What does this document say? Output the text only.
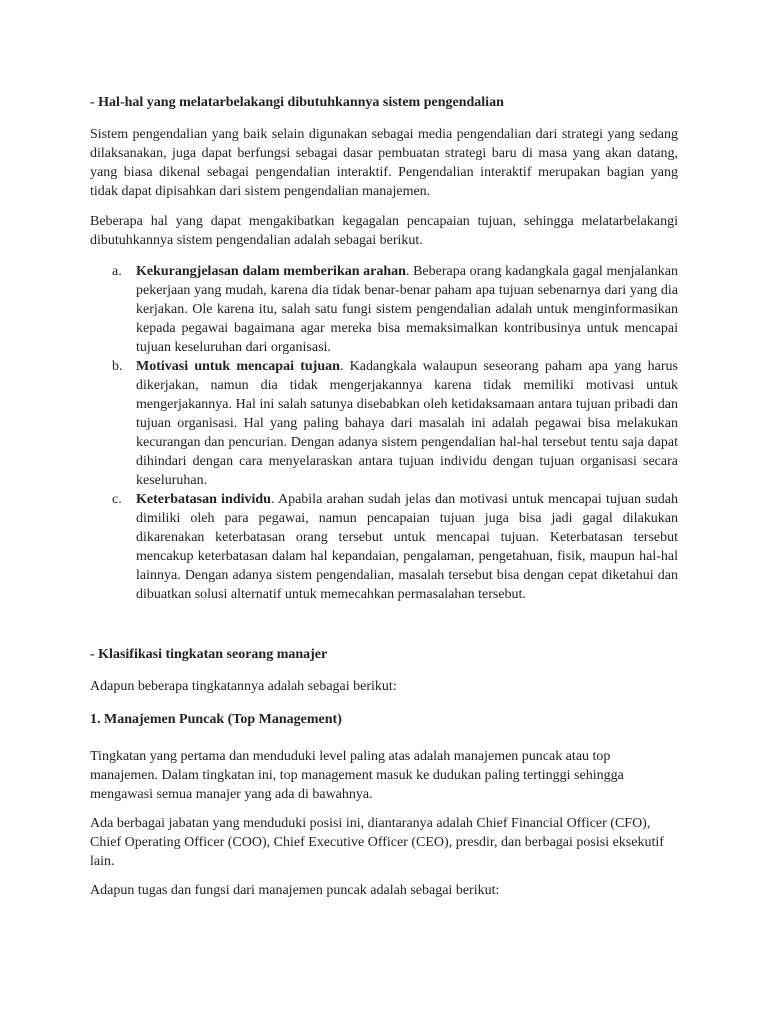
- Hal-hal yang melatarbelakangi dibutuhkannya sistem pengendalian

Sistem pengendalian yang baik selain digunakan sebagai media pengendalian dari strategi yang sedang dilaksanakan, juga dapat berfungsi sebagai dasar pembuatan strategi baru di masa yang akan datang, yang biasa dikenal sebagai pengendalian interaktif. Pengendalian interaktif merupakan bagian yang tidak dapat dipisahkan dari sistem pengendalian manajemen.

Beberapa hal yang dapat mengakibatkan kegagalan pencapaian tujuan, sehingga melatarbelakangi dibutuhkannya sistem pengendalian adalah sebagai berikut.

a. Kekurangjelasan dalam memberikan arahan. Beberapa orang kadangkala gagal menjalankan pekerjaan yang mudah, karena dia tidak benar-benar paham apa tujuan sebenarnya dari yang dia kerjakan. Ole karena itu, salah satu fungi sistem pengendalian adalah untuk menginformasikan kepada pegawai bagaimana agar mereka bisa memaksimalkan kontribusinya untuk mencapai tujuan keseluruhan dari organisasi.
b. Motivasi untuk mencapai tujuan. Kadangkala walaupun seseorang paham apa yang harus dikerjakan, namun dia tidak mengerjakannya karena tidak memiliki motivasi untuk mengerjakannya. Hal ini salah satunya disebabkan oleh ketidaksamaan antara tujuan pribadi dan tujuan organisasi. Hal yang paling bahaya dari masalah ini adalah pegawai bisa melakukan kecurangan dan pencurian. Dengan adanya sistem pengendalian hal-hal tersebut tentu saja dapat dihindari dengan cara menyelaraskan antara tujuan individu dengan tujuan organisasi secara keseluruhan.
c. Keterbatasan individu. Apabila arahan sudah jelas dan motivasi untuk mencapai tujuan sudah dimiliki oleh para pegawai, namun pencapaian tujuan juga bisa jadi gagal dilakukan dikarenakan keterbatasan orang tersebut untuk mencapai tujuan. Keterbatasan tersebut mencakup keterbatasan dalam hal kepandaian, pengalaman, pengetahuan, fisik, maupun hal-hal lainnya. Dengan adanya sistem pengendalian, masalah tersebut bisa dengan cepat diketahui dan dibuatkan solusi alternatif untuk memecahkan permasalahan tersebut.

- Klasifikasi tingkatan seorang manajer

Adapun beberapa tingkatannya adalah sebagai berikut:

1. Manajemen Puncak (Top Management)

Tingkatan yang pertama dan menduduki level paling atas adalah manajemen puncak atau top manajemen. Dalam tingkatan ini, top management masuk ke dudukan paling tertinggi sehingga mengawasi semua manajer yang ada di bawahnya.

Ada berbagai jabatan yang menduduki posisi ini, diantaranya adalah Chief Financial Officer (CFO), Chief Operating Officer (COO), Chief Executive Officer (CEO), presdir, dan berbagai posisi eksekutif lain.

Adapun tugas dan fungsi dari manajemen puncak adalah sebagai berikut:
